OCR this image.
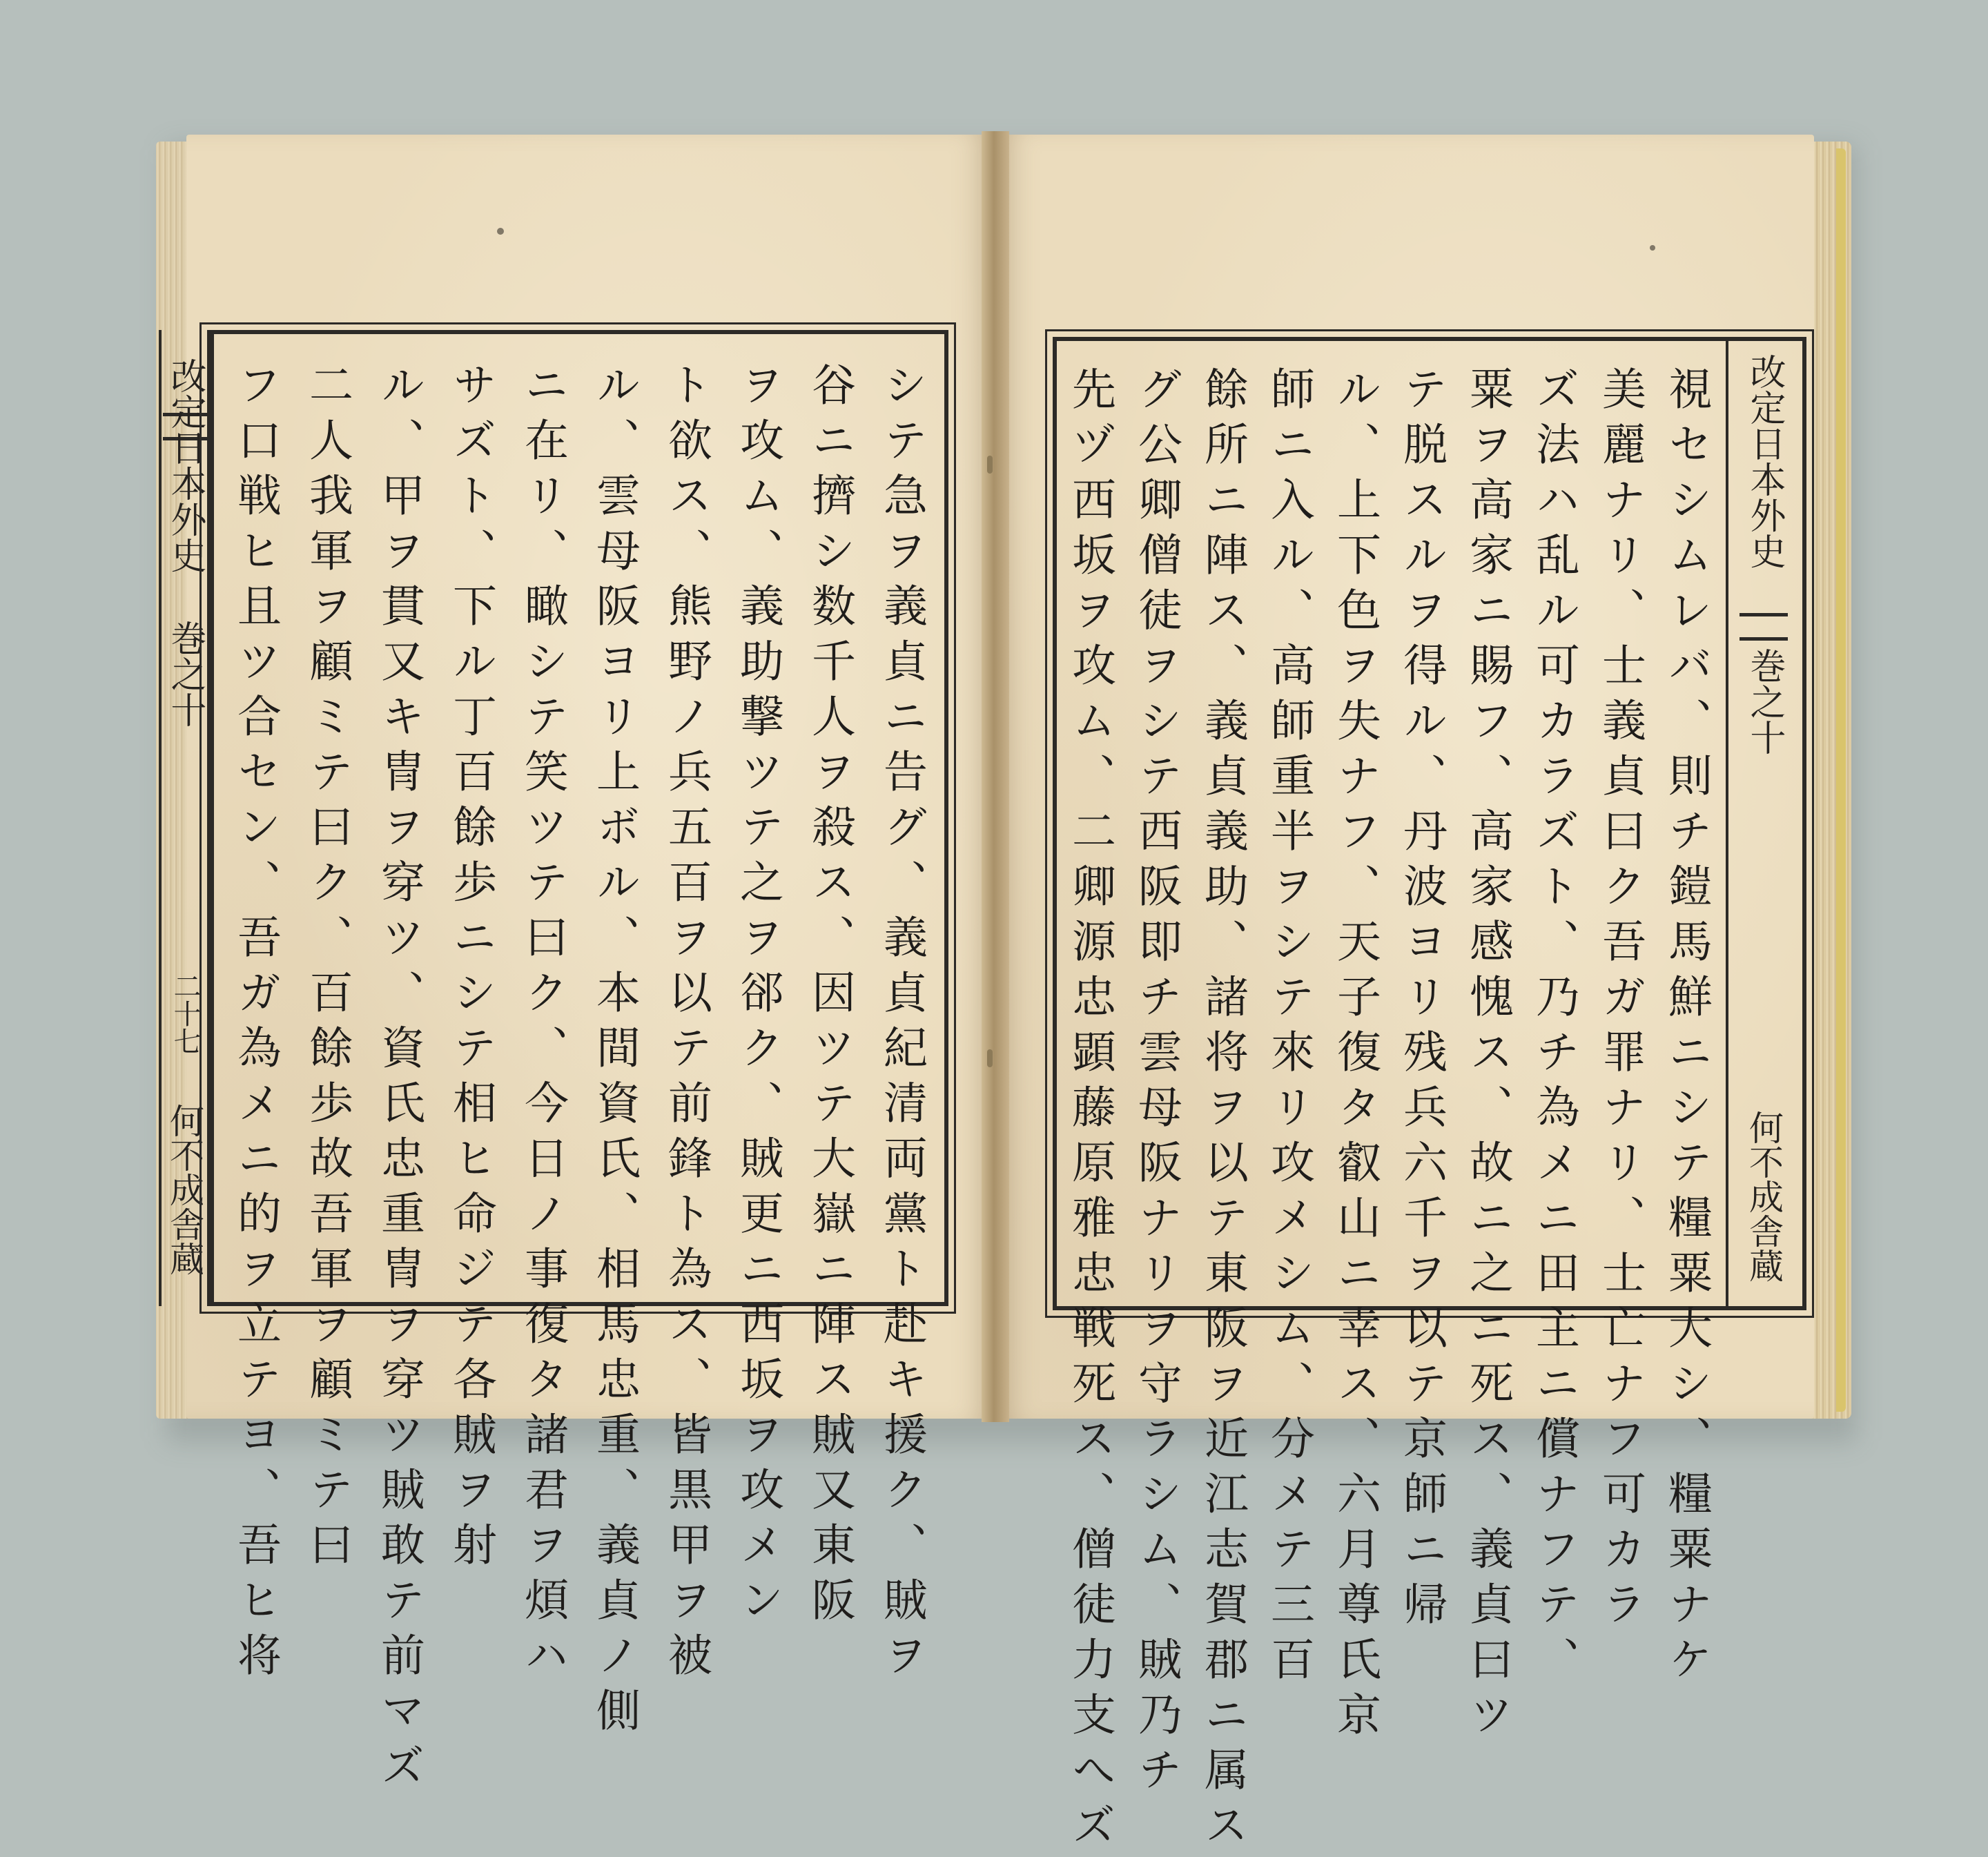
改定日本外史
巻之十
二十七
何不成舎蔵	シテ急ヲ義貞ニ告グ、義貞紀清両黨ト赴キ援ク、賊ヲ
谷ニ擠シ数千人ヲ殺ス、因ツテ大嶽ニ陣ス賊又東阪
ヲ攻ム、義助撃ツテ之ヲ郤ク、賊更ニ西坂ヲ攻メン
ト欲ス、熊野ノ兵五百ヲ以テ前鋒ト為ス、皆黒甲ヲ被
ル、雲母阪ヨリ上ボル、本間資氏、相馬忠重、義貞ノ側
ニ在リ、瞰シテ笑ツテ曰ク、今日ノ事復タ諸君ヲ煩ハ
サズト、下ル丁百餘歩ニシテ相ヒ命ジテ各賊ヲ射
ル、甲ヲ貫又キ冑ヲ穿ツ、資氏忠重冑ヲ穿ツ賊敢テ前マズ
二人我軍ヲ顧ミテ曰ク、百餘歩故吾軍ヲ顧ミテ曰
フ口戦ヒ且ツ合セン、吾ガ為メニ的ヲ立テヨ、吾ヒ将	視セシムレバ、則チ鎧馬鮮ニシテ糧粟大シ、糧粟ナケ
美麗ナリ、士義貞曰ク吾ガ罪ナリ、士亡ナフ可カラ
ズ法ハ乱ル可カラズト、乃チ為メニ田主ニ償ナフテ、
粟ヲ高家ニ賜フ、高家感愧ス、故ニ之ニ死ス、義貞曰ツ
テ脱スルヲ得ル、丹波ヨリ残兵六千ヲ以テ京師ニ帰
ル、上下色ヲ失ナフ、天子復タ叡山ニ幸ス、六月尊氏京
師ニ入ル、高師重半ヲシテ來リ攻メシム、分メテ三百
餘所ニ陣ス、義貞義助、諸将ヲ以テ東阪ヲ近江志賀郡ニ属ス
グ公卿僧徒ヲシテ西阪即チ雲母阪ナリヲ守ラシム、賊乃チ
先ヅ西坂ヲ攻ム、二卿源忠顕藤原雅忠戦死ス、僧徒力支へズ	改定日本外史
巻之十
何不成舎蔵
